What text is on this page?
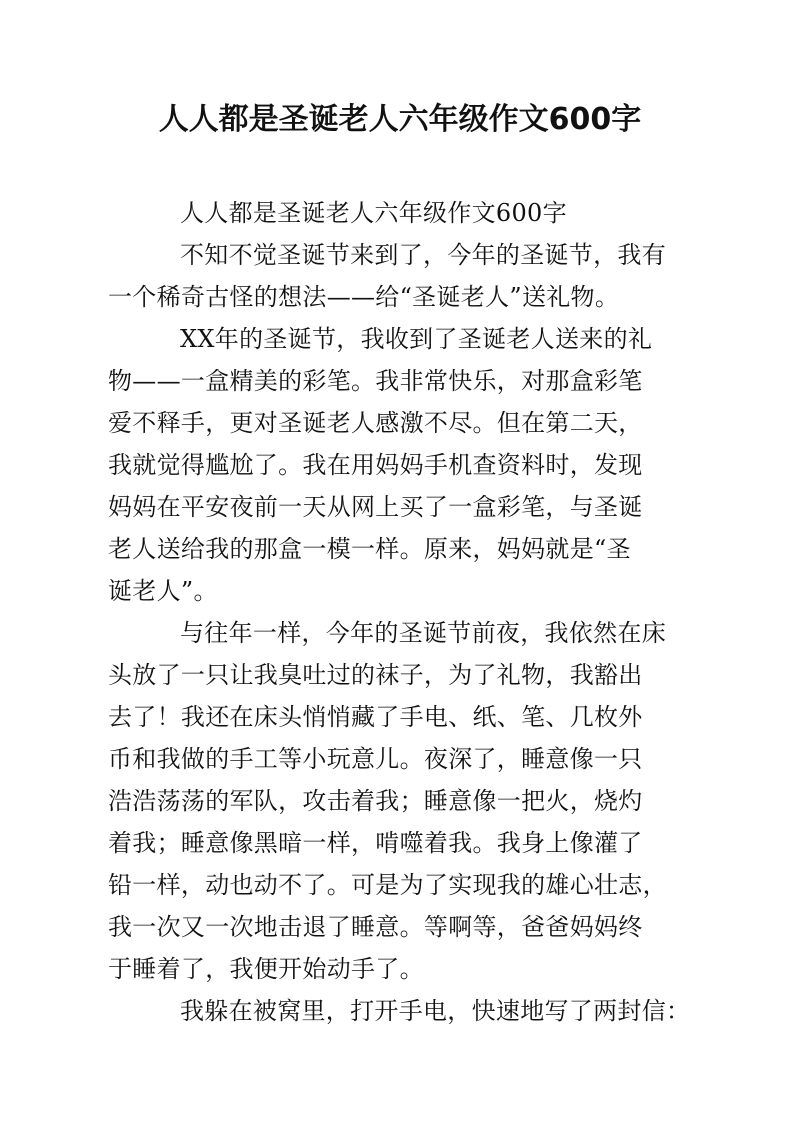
人人都是圣诞老人六年级作文600字
人人都是圣诞老人六年级作文600字
不知不觉圣诞节来到了，今年的圣诞节，我有
一个稀奇古怪的想法——给“圣诞老人”送礼物。
XX年的圣诞节，我收到了圣诞老人送来的礼
物——一盒精美的彩笔。我非常快乐，对那盒彩笔
爱不释手，更对圣诞老人感激不尽。但在第二天，
我就觉得尴尬了。我在用妈妈手机查资料时，发现
妈妈在平安夜前一天从网上买了一盒彩笔，与圣诞
老人送给我的那盒一模一样。原来，妈妈就是“圣
诞老人”。
与往年一样，今年的圣诞节前夜，我依然在床
头放了一只让我臭吐过的袜子，为了礼物，我豁出
去了！我还在床头悄悄藏了手电、纸、笔、几枚外
币和我做的手工等小玩意儿。夜深了，睡意像一只
浩浩荡荡的军队，攻击着我；睡意像一把火，烧灼
着我；睡意像黑暗一样，啃噬着我。我身上像灌了
铅一样，动也动不了。可是为了实现我的雄心壮志，
我一次又一次地击退了睡意。等啊等，爸爸妈妈终
于睡着了，我便开始动手了。
我躲在被窝里，打开手电，快速地写了两封信：
